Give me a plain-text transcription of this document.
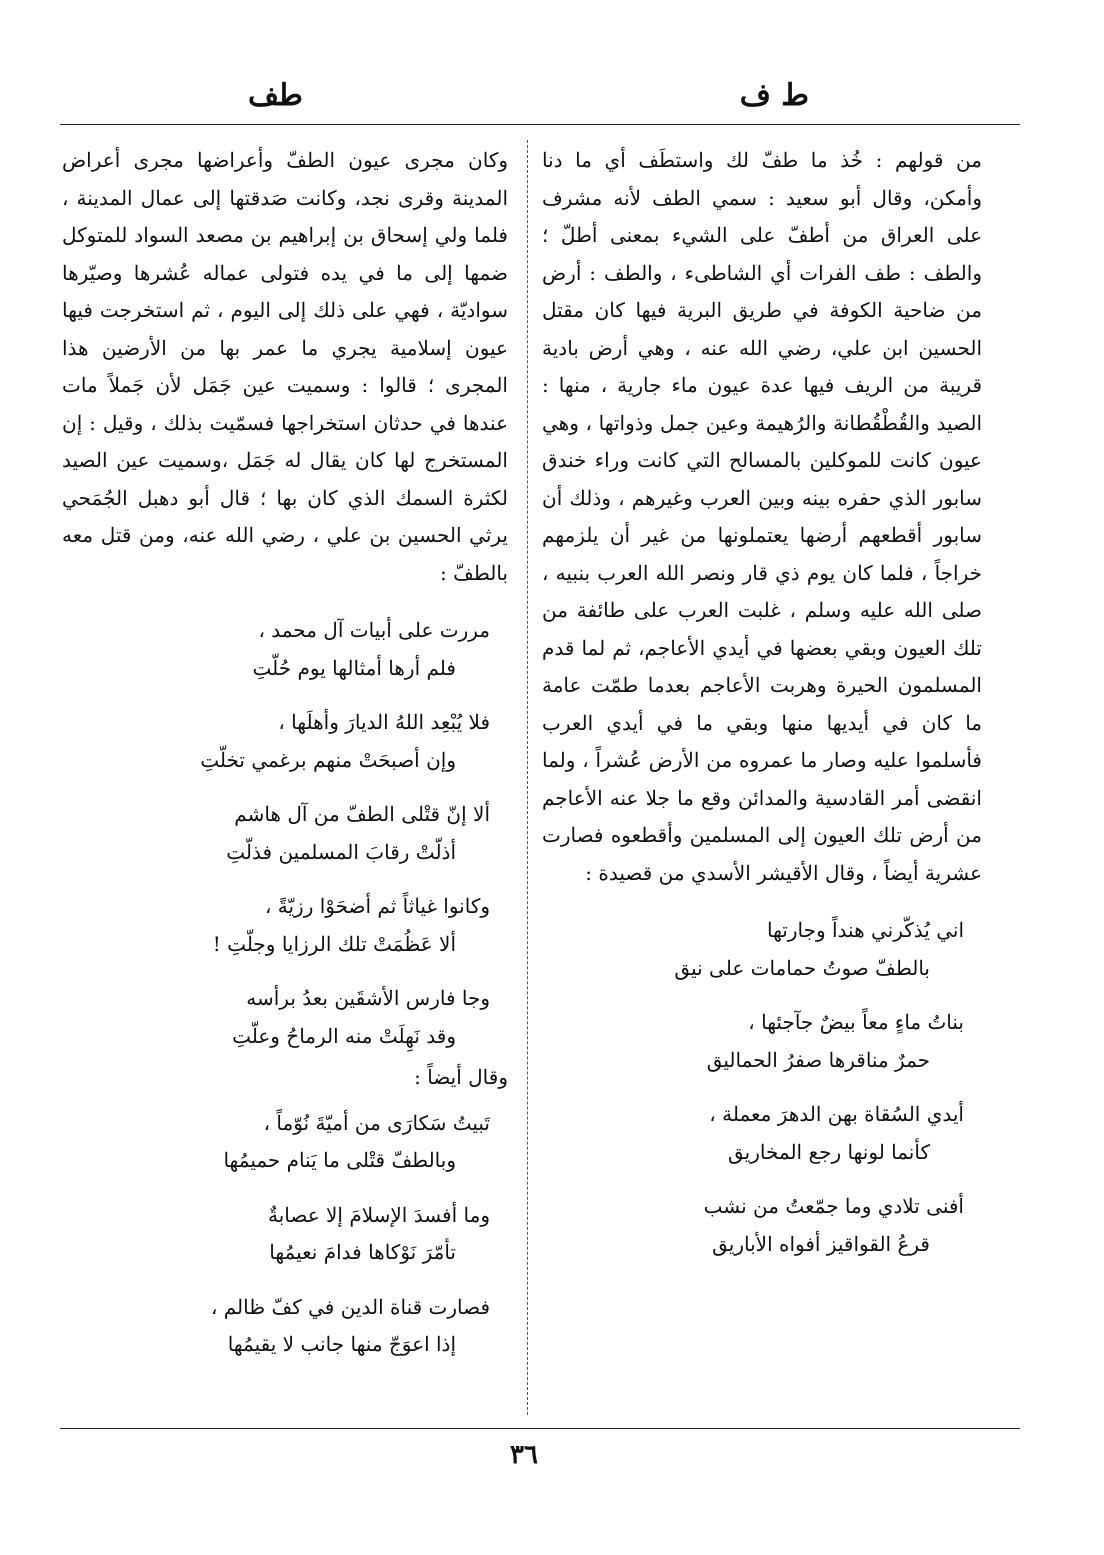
ط ف
طف

من قولهم : خُذ ما طفّ لك واستطَف أي ما دنا وأمكن، وقال أبو سعيد : سمي الطف لأنه مشرف على العراق من أطفّ على الشيء بمعنى أطلّ ؛ والطف : طف الفرات أي الشاطىء ، والطف : أرض من ضاحية الكوفة في طريق البرية فيها كان مقتل الحسين ابن علي، رضي الله عنه ، وهي أرض بادية قريبة من الريف فيها عدة عيون ماء جارية ، منها : الصيد والقُطْقُطانة والرُهيمة وعين جمل وذواتها ، وهي عيون كانت للموكلين بالمسالح التي كانت وراء خندق سابور الذي حفره بينه وبين العرب وغيرهم ، وذلك أن سابور أقطعهم أرضها يعتملونها من غير أن يلزمهم خراجاً ، فلما كان يوم ذي قار ونصر الله العرب بنبيه ، صلى الله عليه وسلم ، غلبت العرب على طائفة من تلك العيون وبقي بعضها في أيدي الأعاجم، ثم لما قدم المسلمون الحيرة وهربت الأعاجم بعدما طمّت عامة ما كان في أيديها منها وبقي ما في أيدي العرب فأسلموا عليه وصار ما عمروه من الأرض عُشراً ، ولما انقضى أمر القادسية والمدائن وقع ما جلا عنه الأعاجم من أرض تلك العيون إلى المسلمين وأقطعوه فصارت عشرية أيضاً ، وقال الأقيشر الأسدي من قصيدة :

اني يُذكّرني هنداً وجارتها
بالطفّ صوتُ حمامات على نيق
بناتُ ماءٍ معاً بيضٌ جآجئها ،
حمرٌ مناقرها صفرُ الحماليق
أيدي السُقاة بهن الدهرَ معملة ،
كأنما لونها رجع المخاريق
أفنى تلادي وما جمّعتُ من نشب
قرعُ القواقيز أفواه الأباريق

وكان مجرى عيون الطفّ وأعراضها مجرى أعراض المدينة وقرى نجد، وكانت صَدقتها إلى عمال المدينة ، فلما ولي إسحاق بن إبراهيم بن مصعد السواد للمتوكل ضمها إلى ما في يده فتولى عماله عُشرها وصيّرها سواديّة ، فهي على ذلك إلى اليوم ، ثم استخرجت فيها عيون إسلامية يجري ما عمر بها من الأرضين هذا المجرى ؛ قالوا : وسميت عين جَمَل لأن جَملاً مات عندها في حدثان استخراجها فسمّيت بذلك ، وقيل : إن المستخرج لها كان يقال له جَمَل ،وسميت عين الصيد لكثرة السمك الذي كان بها ؛ قال أبو دهبل الجُمَحي يرثي الحسين بن علي ، رضي الله عنه، ومن قتل معه بالطفّ :

مررت على أبيات آل محمد ،
فلم أرها أمثالها يوم حُلّتِ
فلا يُبْعِد اللهُ الديارَ وأهلَها ،
وإن أصبحَتْ منهم برغمي تخلّتِ
ألا إنّ قتْلى الطفّ من آل هاشم
أذلّتْ رقابَ المسلمين فذلّتِ
وكانوا غياثاً ثم أضحَوْا رزيّةً ،
ألا عَظُمَتْ تلك الرزايا وجلّتِ !
وجا فارس الأشقَين بعدُ برأسه
وقد نَهِلَتْ منه الرماحُ وعلّتِ

وقال أيضاً :

تَبيتُ سَكارَى من أميّةَ نُوّماً ،
وبالطفّ قتْلى ما يَنام حميمُها
وما أفسدَ الإسلامَ إلا عصابةٌ
تأمّرَ نَوْكاها فدامَ نعيمُها
فصارت قناة الدين في كفّ ظالم ،
إذا اعوَجّ منها جانب لا يقيمُها
٣٦
